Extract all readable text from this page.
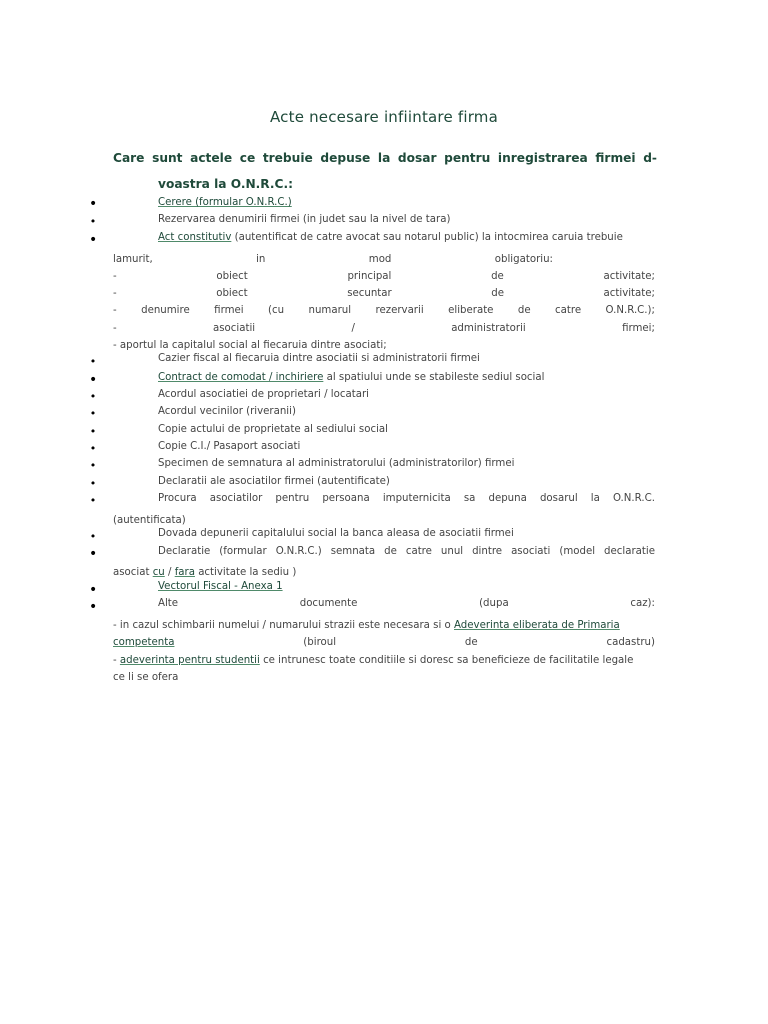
Acte necesare infiintare firma
Care sunt actele ce trebuie depuse la dosar pentru inregistrarea firmei d-
voastra la O.N.R.C.:
•
•
•
•
•
•
•
•
•
•
•
•
•
•
•
•
Cerere (formular O.N.R.C.)
Rezervarea denumirii firmei (in judet sau la nivel de tara)
Act constitutiv (autentificat de catre avocat sau notarul public) la intocmirea caruia trebuie
lamurit,	in	mod	obligatoriu:
-	obiect	principal	de	activitate;
-	obiect	secuntar	de	activitate;
- denumire firmei (cu numarul rezervarii eliberate de catre O.N.R.C.);
-	asociatii	/	administratorii	firmei;
- aportul la capitalul social al fiecaruia dintre asociati;
Cazier fiscal al fiecaruia dintre asociatii si administratorii firmei
Contract de comodat / inchiriere al spatiului unde se stabileste sediul social
Acordul asociatiei de proprietari / locatari
Acordul vecinilor (riveranii)
Copie actului de proprietate al sediului social
Copie C.I./ Pasaport asociati
Specimen de semnatura al administratorului (administratorilor) firmei
Declaratii ale asociatilor firmei (autentificate)
Procura asociatilor pentru persoana imputernicita sa depuna dosarul la O.N.R.C.
(autentificata)
Dovada depunerii capitalului social la banca aleasa de asociatii firmei
Declaratie (formular O.N.R.C.) semnata de catre unul dintre asociati (model declaratie
asociat cu / fara activitate la sediu )
Vectorul Fiscal - Anexa 1
Alte	documente	(dupa	caz):
- in cazul schimbarii numelui / numarului strazii este necesara si o Adeverinta eliberata de Primaria
competenta	(biroul	de	cadastru)
- adeverinta pentru studentii ce intrunesc toate conditiile si doresc sa beneficieze de facilitatile legale
ce li se ofera
